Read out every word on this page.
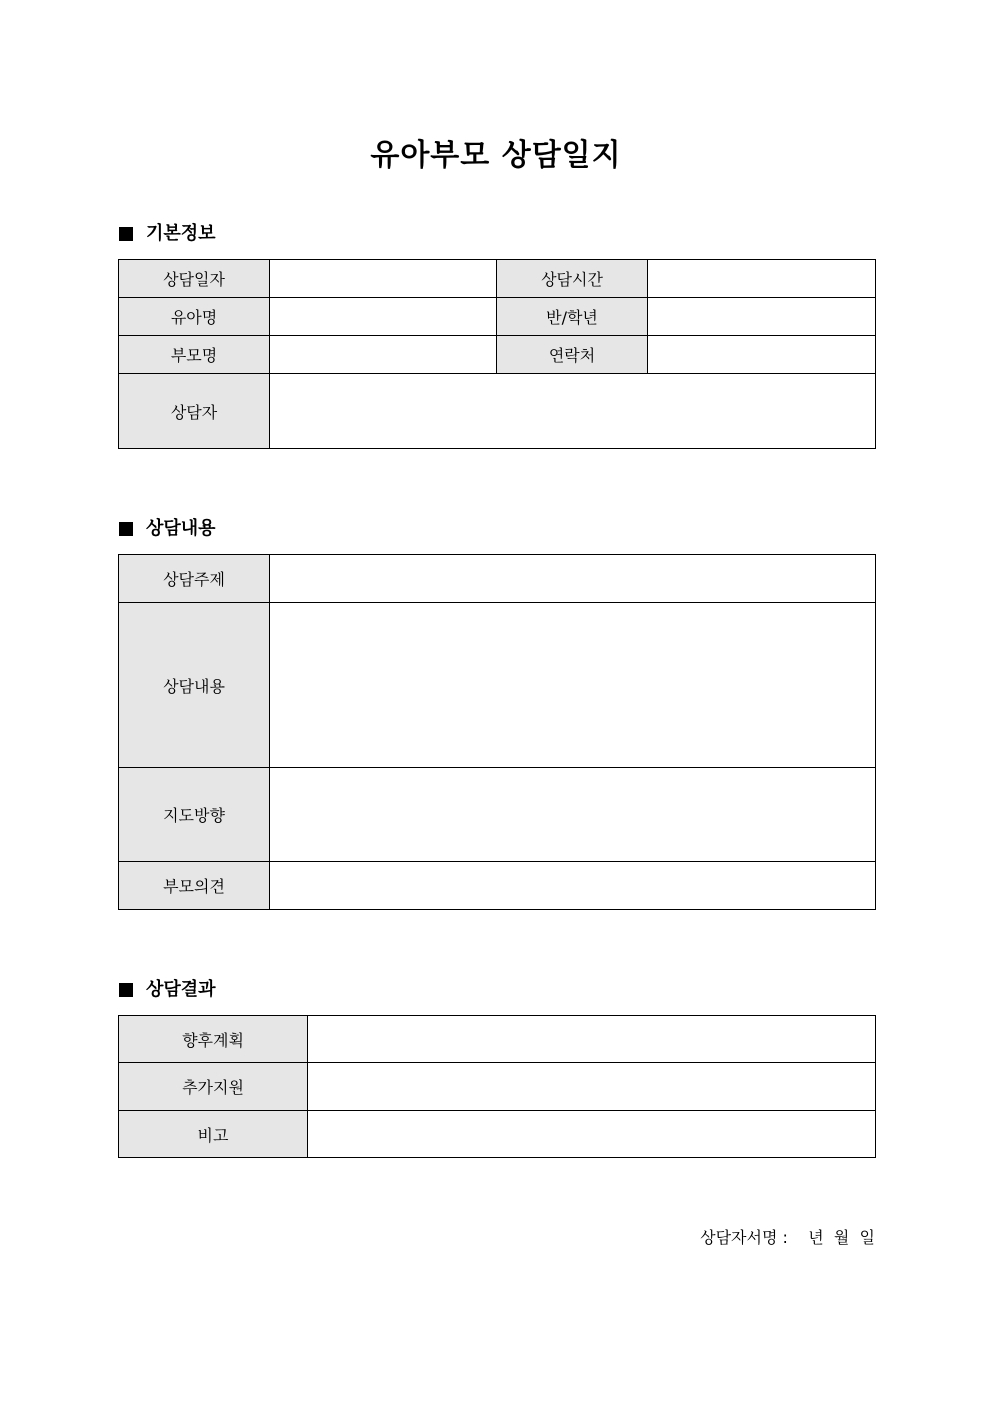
유아부모 상담일지
기본정보
상담일자		상담시간	
유아명		반/학년	
부모명		연락처	
상담자			
상담내용
상담주제	
상담내용	
지도방향	
부모의견	
상담결과
향후계획	
추가지원	
비고	
상담자서명 : 년 월 일
